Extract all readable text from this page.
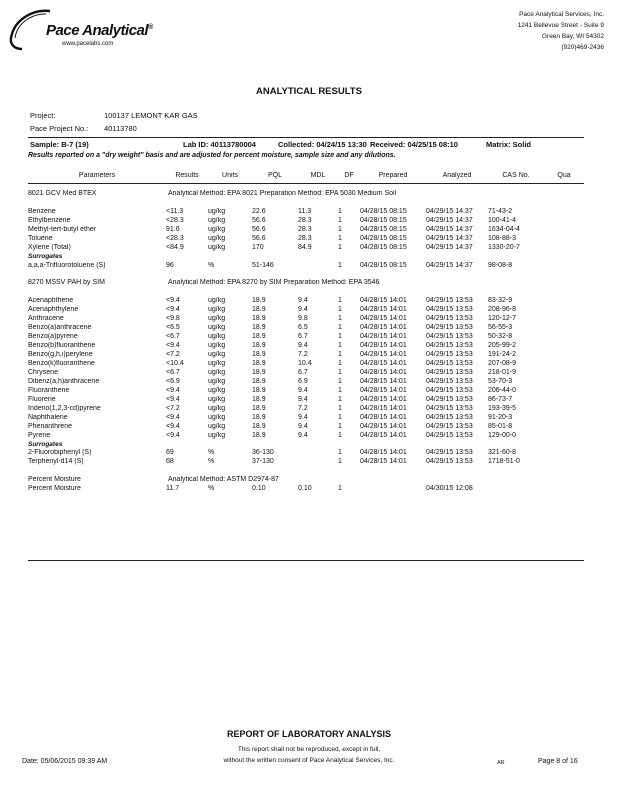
Pace Analytical®
www.pacelabs.com
Pace Analytical Services, Inc.
1241 Bellevue Street - Suite 9
Green Bay, WI 54302
(920)469-2436
ANALYTICAL RESULTS
Project:	100137 LEMONT KAR GAS
Pace Project No.: 40113780
Sample: B-7 (19)	Lab ID: 40113780004	Collected: 04/24/15 13:30 Received: 04/25/15 08:10	Matrix: Solid
Results reported on a "dry weight" basis and are adjusted for percent moisture, sample size and any dilutions.
Parameters	Results	Units	PQL	MDL	DF	Prepared	Analyzed	CAS No.	Qua

8021 GCV Med BTEX	Analytical Method: EPA 8021 Preparation Method: EPA 5030 Medium Soil								

Benzene	<11.3	ug/kg	22.6	11.3	1	04/28/15 08:15	04/29/15 14:37	71-43-2	
Ethylbenzene	<28.3	ug/kg	56.6	28.3	1	04/28/15 08:15	04/29/15 14:37	100-41-4	
Methyl-tert-butyl ether	91.6	ug/kg	56.6	28.3	1	04/28/15 08:15	04/29/15 14:37	1634-04-4	
Toluene	<28.3	ug/kg	56.6	28.3	1	04/28/15 08:15	04/29/15 14:37	108-88-3	
Xylene (Total)	<84.9	ug/kg	170	84.9	1	04/28/15 08:15	04/29/15 14:37	1330-20-7	
Surrogates									
a,a,a-Trifluorotoluene (S)	96	%	51-146		1	04/28/15 08:15	04/29/15 14:37	98-08-8	

8270 MSSV PAH by SIM	Analytical Method: EPA 8270 by SIM Preparation Method: EPA 3546								

Acenaphthene	<9.4	ug/kg	18.9	9.4	1	04/28/15 14:01	04/29/15 13:53	83-32-9	
Acenaphthylene	<9.4	ug/kg	18.9	9.4	1	04/28/15 14:01	04/29/15 13:53	208-96-8	
Anthracene	<9.8	ug/kg	18.9	9.8	1	04/28/15 14:01	04/29/15 13:53	120-12-7	
Benzo(a)anthracene	<6.5	ug/kg	18.9	6.5	1	04/28/15 14:01	04/29/15 13:53	56-55-3	
Benzo(a)pyrene	<6.7	ug/kg	18.9	6.7	1	04/28/15 14:01	04/29/15 13:53	50-32-8	
Benzo(b)fluoranthene	<9.4	ug/kg	18.9	9.4	1	04/28/15 14:01	04/29/15 13:53	205-99-2	
Benzo(g,h,i)perylene	<7.2	ug/kg	18.9	7.2	1	04/28/15 14:01	04/29/15 13:53	191-24-2	
Benzo(k)fluoranthene	<10.4	ug/kg	18.9	10.4	1	04/28/15 14:01	04/29/15 13:53	207-08-9	
Chrysene	<6.7	ug/kg	18.9	6.7	1	04/28/15 14:01	04/29/15 13:53	218-01-9	
Dibenz(a,h)anthracene	<6.9	ug/kg	18.9	6.9	1	04/28/15 14:01	04/29/15 13:53	53-70-3	
Fluoranthene	<9.4	ug/kg	18.9	9.4	1	04/28/15 14:01	04/29/15 13:53	206-44-0	
Fluorene	<9.4	ug/kg	18.9	9.4	1	04/28/15 14:01	04/29/15 13:53	86-73-7	
Indeno(1,2,3-cd)pyrene	<7.2	ug/kg	18.9	7.2	1	04/28/15 14:01	04/29/15 13:53	193-39-5	
Naphthalene	<9.4	ug/kg	18.9	9.4	1	04/28/15 14:01	04/29/15 13:53	91-20-3	
Phenanthrene	<9.4	ug/kg	18.9	9.4	1	04/28/15 14:01	04/29/15 13:53	85-01-8	
Pyrene	<9.4	ug/kg	18.9	9.4	1	04/28/15 14:01	04/29/15 13:53	129-00-0	
Surrogates									
2-Fluorobiphenyl (S)	69	%	36-130		1	04/28/15 14:01	04/29/15 13:53	321-60-8	
Terphenyl-d14 (S)	68	%	37-130		1	04/28/15 14:01	04/29/15 13:53	1718-51-0	

Percent Moisture	Analytical Method: ASTM D2974-87								
Percent Moisture	11.7	%	0.10	0.10	1		04/30/15 12:08		
REPORT OF LABORATORY ANALYSIS
This report shall not be reproduced, except in full,
without the written consent of Pace Analytical Services, Inc.
Date: 05/06/2015 09:39 AM	AR	Page 8 of 16
